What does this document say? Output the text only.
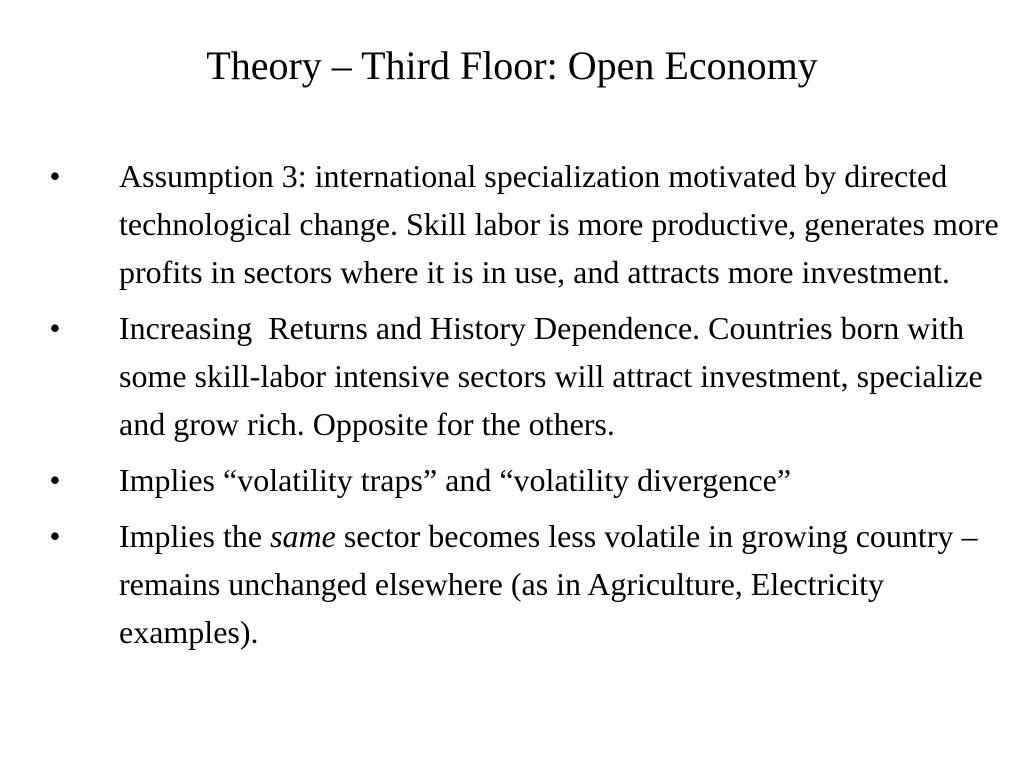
Theory – Third Floor: Open Economy
• Assumption 3: international specialization motivated by directed technological change. Skill labor is more productive, generates more profits in sectors where it is in use, and attracts more investment.
• Increasing  Returns and History Dependence. Countries born with some skill-labor intensive sectors will attract investment, specialize and grow rich. Opposite for the others.
• Implies “volatility traps” and “volatility divergence”
• Implies the same sector becomes less volatile in growing country – remains unchanged elsewhere (as in Agriculture, Electricity examples).
